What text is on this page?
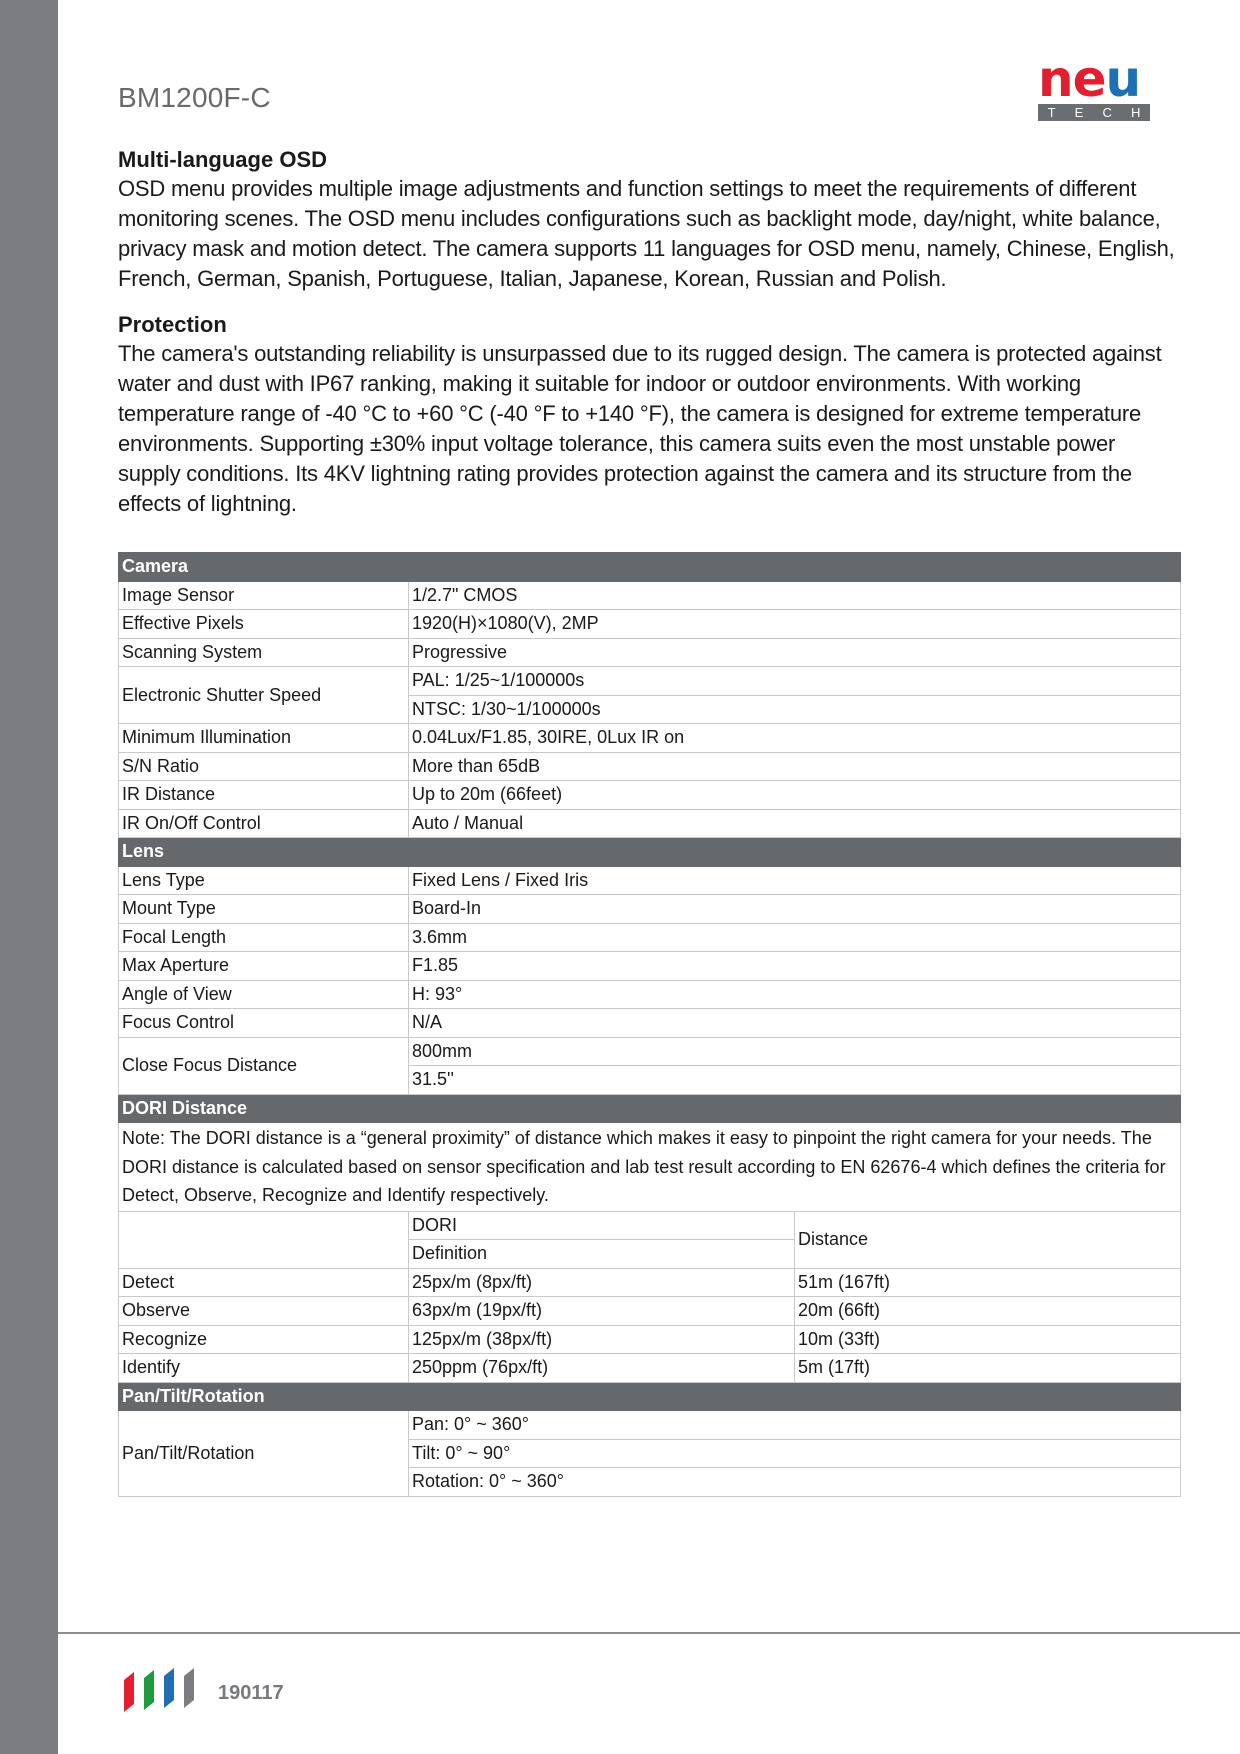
BM1200F-C	neu
T E C H

Multi-language OSD

OSD menu provides multiple image adjustments and function settings to meet the requirements of different monitoring scenes. The OSD menu includes configurations such as backlight mode, day/night, white balance, privacy mask and motion detect. The camera supports 11 languages for OSD menu, namely, Chinese, English, French, German, Spanish, Portuguese, Italian, Japanese, Korean, Russian and Polish.

Protection

The camera's outstanding reliability is unsurpassed due to its rugged design. The camera is protected against water and dust with IP67 ranking, making it suitable for indoor or outdoor environments. With working temperature range of -40 °C to +60 °C (-40 °F to +140 °F), the camera is designed for extreme temperature environments. Supporting ±30% input voltage tolerance, this camera suits even the most unstable power supply conditions. Its 4KV lightning rating provides protection against the camera and its structure from the effects of lightning.

Camera		
Image Sensor	1/2.7" CMOS	
Effective Pixels	1920(H)×1080(V), 2MP	
Scanning System	Progressive	
Electronic Shutter Speed	PAL: 1/25~1/100000s	
	NTSC: 1/30~1/100000s	
Minimum Illumination	0.04Lux/F1.85, 30IRE, 0Lux IR on	
S/N Ratio	More than 65dB	
IR Distance	Up to 20m (66feet)	
IR On/Off Control	Auto / Manual	
Lens		
Lens Type	Fixed Lens / Fixed Iris	
Mount Type	Board-In	
Focal Length	3.6mm	
Max Aperture	F1.85	
Angle of View	H: 93°	
Focus Control	N/A	
Close Focus Distance	800mm	
	31.5''	
DORI Distance		
Note: The DORI distance is a “general proximity” of distance which makes it easy to pinpoint the right camera for your needs. The DORI distance is calculated based on sensor specification and lab test result according to EN 62676-4 which defines the criteria for Detect, Observe, Recognize and Identify respectively.		
	DORI	Distance
	Definition	
Detect	25px/m (8px/ft)	51m (167ft)
Observe	63px/m (19px/ft)	20m (66ft)
Recognize	125px/m (38px/ft)	10m (33ft)
Identify	250ppm (76px/ft)	5m (17ft)
Pan/Tilt/Rotation		
Pan/Tilt/Rotation	Pan: 0° ~ 360°	
	Tilt: 0° ~ 90°	
	Rotation: 0° ~ 360°	
190117
